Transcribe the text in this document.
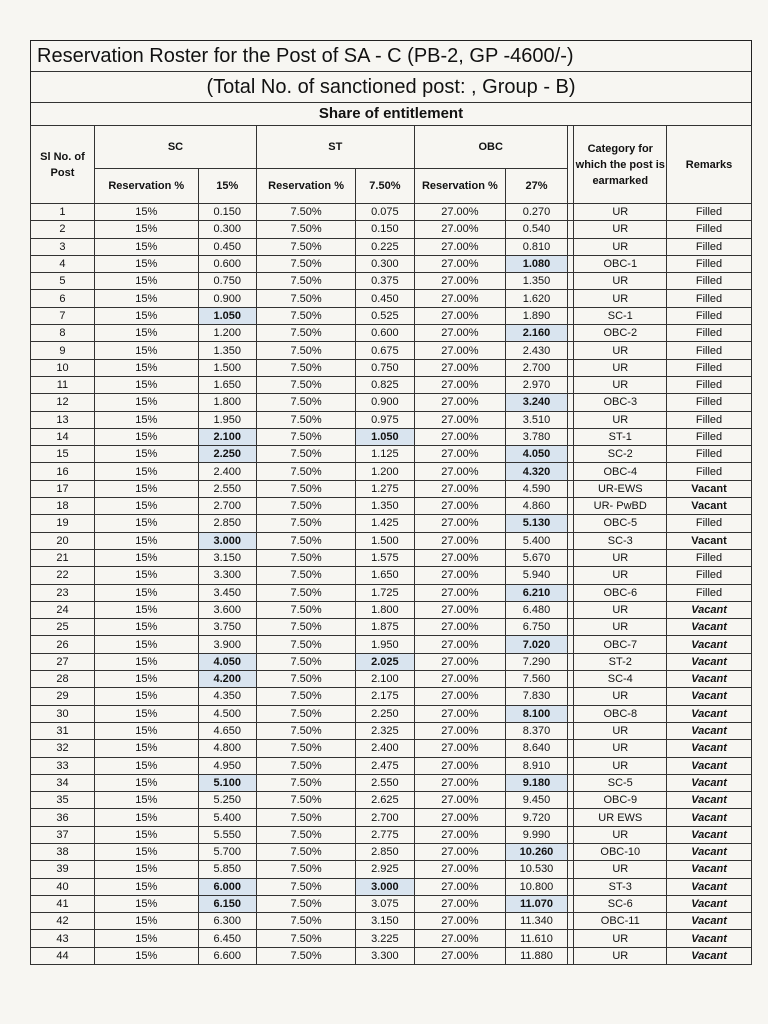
Reservation Roster for the Post of SA - C (PB-2, GP -4600/-)
(Total No. of sanctioned post: , Group - B)
Share of entitlement
Sl No. of Post	SC		ST		OBC			Category for which the post is earmarked	Remarks
	Reservation %	15%	Reservation %	7.50%	Reservation %	27%			
1	15%	0.150	7.50%	0.075	27.00%	0.270		UR	Filled
2	15%	0.300	7.50%	0.150	27.00%	0.540		UR	Filled
3	15%	0.450	7.50%	0.225	27.00%	0.810		UR	Filled
4	15%	0.600	7.50%	0.300	27.00%	1.080		OBC-1	Filled
5	15%	0.750	7.50%	0.375	27.00%	1.350		UR	Filled
6	15%	0.900	7.50%	0.450	27.00%	1.620		UR	Filled
7	15%	1.050	7.50%	0.525	27.00%	1.890		SC-1	Filled
8	15%	1.200	7.50%	0.600	27.00%	2.160		OBC-2	Filled
9	15%	1.350	7.50%	0.675	27.00%	2.430		UR	Filled
10	15%	1.500	7.50%	0.750	27.00%	2.700		UR	Filled
11	15%	1.650	7.50%	0.825	27.00%	2.970		UR	Filled
12	15%	1.800	7.50%	0.900	27.00%	3.240		OBC-3	Filled
13	15%	1.950	7.50%	0.975	27.00%	3.510		UR	Filled
14	15%	2.100	7.50%	1.050	27.00%	3.780		ST-1	Filled
15	15%	2.250	7.50%	1.125	27.00%	4.050		SC-2	Filled
16	15%	2.400	7.50%	1.200	27.00%	4.320		OBC-4	Filled
17	15%	2.550	7.50%	1.275	27.00%	4.590		UR-EWS	Vacant
18	15%	2.700	7.50%	1.350	27.00%	4.860		UR- PwBD	Vacant
19	15%	2.850	7.50%	1.425	27.00%	5.130		OBC-5	Filled
20	15%	3.000	7.50%	1.500	27.00%	5.400		SC-3	Vacant
21	15%	3.150	7.50%	1.575	27.00%	5.670		UR	Filled
22	15%	3.300	7.50%	1.650	27.00%	5.940		UR	Filled
23	15%	3.450	7.50%	1.725	27.00%	6.210		OBC-6	Filled
24	15%	3.600	7.50%	1.800	27.00%	6.480		UR	Vacant
25	15%	3.750	7.50%	1.875	27.00%	6.750		UR	Vacant
26	15%	3.900	7.50%	1.950	27.00%	7.020		OBC-7	Vacant
27	15%	4.050	7.50%	2.025	27.00%	7.290		ST-2	Vacant
28	15%	4.200	7.50%	2.100	27.00%	7.560		SC-4	Vacant
29	15%	4.350	7.50%	2.175	27.00%	7.830		UR	Vacant
30	15%	4.500	7.50%	2.250	27.00%	8.100		OBC-8	Vacant
31	15%	4.650	7.50%	2.325	27.00%	8.370		UR	Vacant
32	15%	4.800	7.50%	2.400	27.00%	8.640		UR	Vacant
33	15%	4.950	7.50%	2.475	27.00%	8.910		UR	Vacant
34	15%	5.100	7.50%	2.550	27.00%	9.180		SC-5	Vacant
35	15%	5.250	7.50%	2.625	27.00%	9.450		OBC-9	Vacant
36	15%	5.400	7.50%	2.700	27.00%	9.720		UR EWS	Vacant
37	15%	5.550	7.50%	2.775	27.00%	9.990		UR	Vacant
38	15%	5.700	7.50%	2.850	27.00%	10.260		OBC-10	Vacant
39	15%	5.850	7.50%	2.925	27.00%	10.530		UR	Vacant
40	15%	6.000	7.50%	3.000	27.00%	10.800		ST-3	Vacant
41	15%	6.150	7.50%	3.075	27.00%	11.070		SC-6	Vacant
42	15%	6.300	7.50%	3.150	27.00%	11.340		OBC-11	Vacant
43	15%	6.450	7.50%	3.225	27.00%	11.610		UR	Vacant
44	15%	6.600	7.50%	3.300	27.00%	11.880		UR	Vacant
